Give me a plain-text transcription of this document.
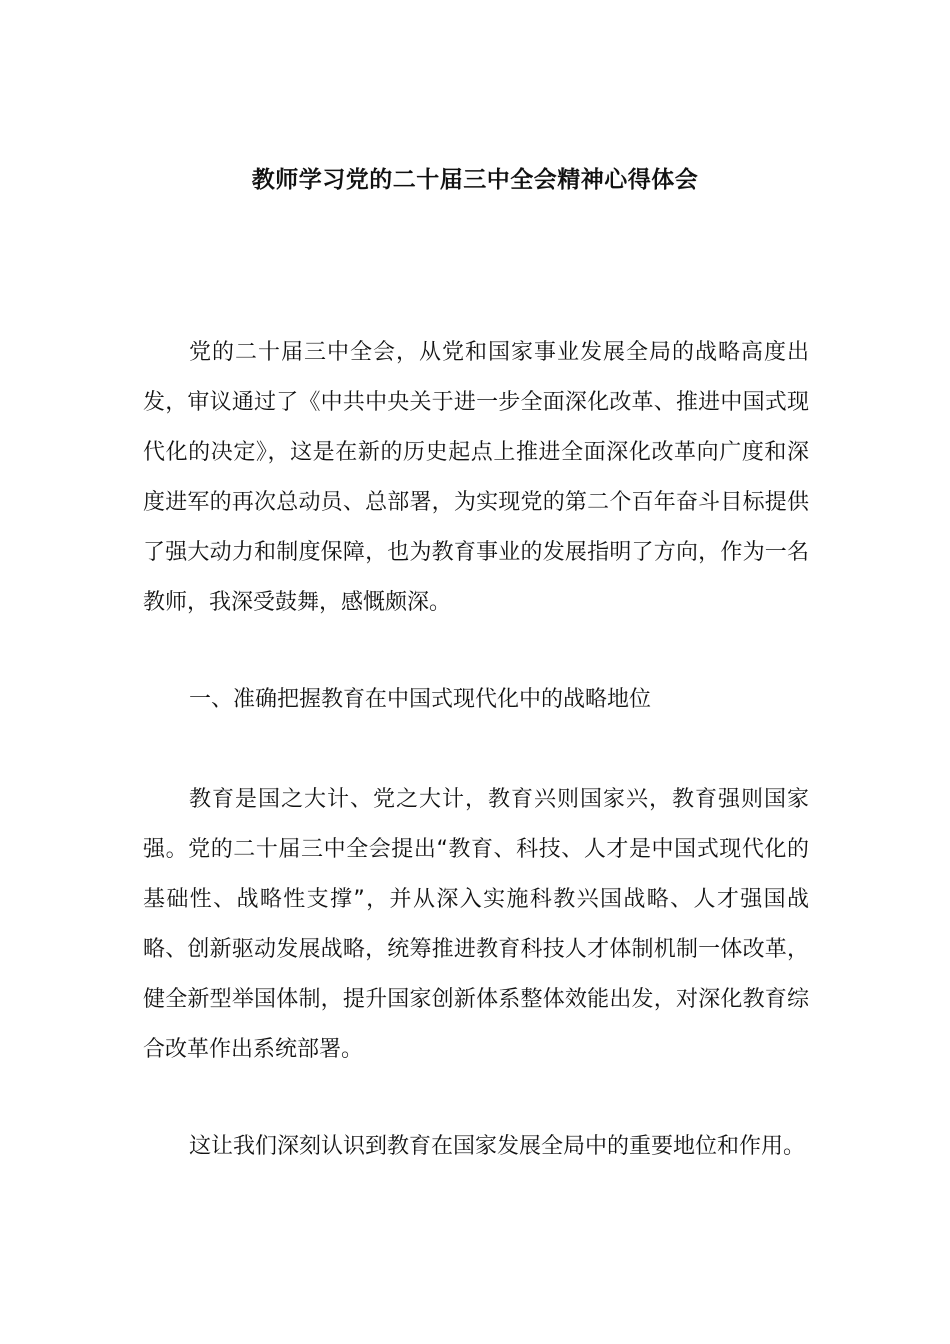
教师学习党的二十届三中全会精神心得体会

党的二十届三中全会，从党和国家事业发展全局的战略高度出发，审议通过了《中共中央关于进一步全面深化改革、推进中国式现代化的决定》，这是在新的历史起点上推进全面深化改革向广度和深度进军的再次总动员、总部署，为实现党的第二个百年奋斗目标提供了强大动力和制度保障，也为教育事业的发展指明了方向，作为一名教师，我深受鼓舞，感慨颇深。

一、准确把握教育在中国式现代化中的战略地位

教育是国之大计、党之大计，教育兴则国家兴，教育强则国家强。党的二十届三中全会提出“教育、科技、人才是中国式现代化的基础性、战略性支撑”，并从深入实施科教兴国战略、人才强国战略、创新驱动发展战略，统筹推进教育科技人才体制机制一体改革，健全新型举国体制，提升国家创新体系整体效能出发，对深化教育综合改革作出系统部署。

这让我们深刻认识到教育在国家发展全局中的重要地位和作用。
